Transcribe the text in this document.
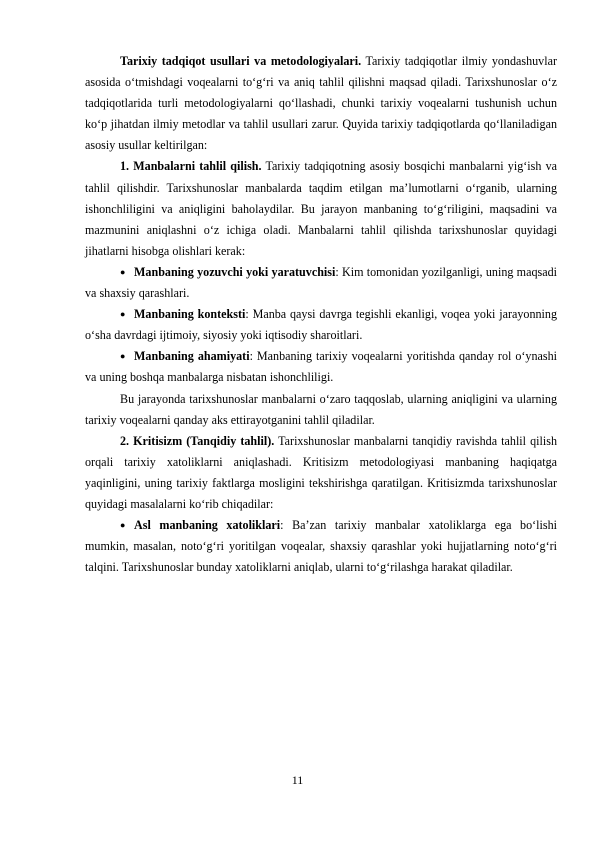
Tarixiy tadqiqot usullari va metodologiyalari. Tarixiy tadqiqotlar ilmiy yondashuvlar asosida o‘tmishdagi voqealarni to‘g‘ri va aniq tahlil qilishni maqsad qiladi. Tarixshunoslar o‘z tadqiqotlarida turli metodologiyalarni qo‘llashadi, chunki tarixiy voqealarni tushunish uchun ko‘p jihatdan ilmiy metodlar va tahlil usullari zarur. Quyida tarixiy tadqiqotlarda qo‘llaniladigan asosiy usullar keltirilgan:

1. Manbalarni tahlil qilish. Tarixiy tadqiqotning asosiy bosqichi manbalarni yig‘ish va tahlil qilishdir. Tarixshunoslar manbalarda taqdim etilgan ma’lumotlarni o‘rganib, ularning ishonchliligini va aniqligini baholaydilar. Bu jarayon manbaning to‘g‘riligini, maqsadini va mazmunini aniqlashni o‘z ichiga oladi. Manbalarni tahlil qilishda tarixshunoslar quyidagi jihatlarni hisobga olishlari kerak:

● Manbaning yozuvchi yoki yaratuvchisi: Kim tomonidan yozilganligi, uning maqsadi va shaxsiy qarashlari.

● Manbaning konteksti: Manba qaysi davrga tegishli ekanligi, voqea yoki jarayonning o‘sha davrdagi ijtimoiy, siyosiy yoki iqtisodiy sharoitlari.

● Manbaning ahamiyati: Manbaning tarixiy voqealarni yoritishda qanday rol o‘ynashi va uning boshqa manbalarga nisbatan ishonchliligi.

Bu jarayonda tarixshunoslar manbalarni o‘zaro taqqoslab, ularning aniqligini va ularning tarixiy voqealarni qanday aks ettirayotganini tahlil qiladilar.

2. Kritisizm (Tanqidiy tahlil). Tarixshunoslar manbalarni tanqidiy ravishda tahlil qilish orqali tarixiy xatoliklarni aniqlashadi. Kritisizm metodologiyasi manbaning haqiqatga yaqinligini, uning tarixiy faktlarga mosligini tekshirishga qaratilgan. Kritisizmda tarixshunoslar quyidagi masalalarni ko‘rib chiqadilar:

● Asl manbaning xatoliklari: Ba’zan tarixiy manbalar xatoliklarga ega bo‘lishi mumkin, masalan, noto‘g‘ri yoritilgan voqealar, shaxsiy qarashlar yoki hujjatlarning noto‘g‘ri talqini. Tarixshunoslar bunday xatoliklarni aniqlab, ularni to‘g‘rilashga harakat qiladilar.

11
